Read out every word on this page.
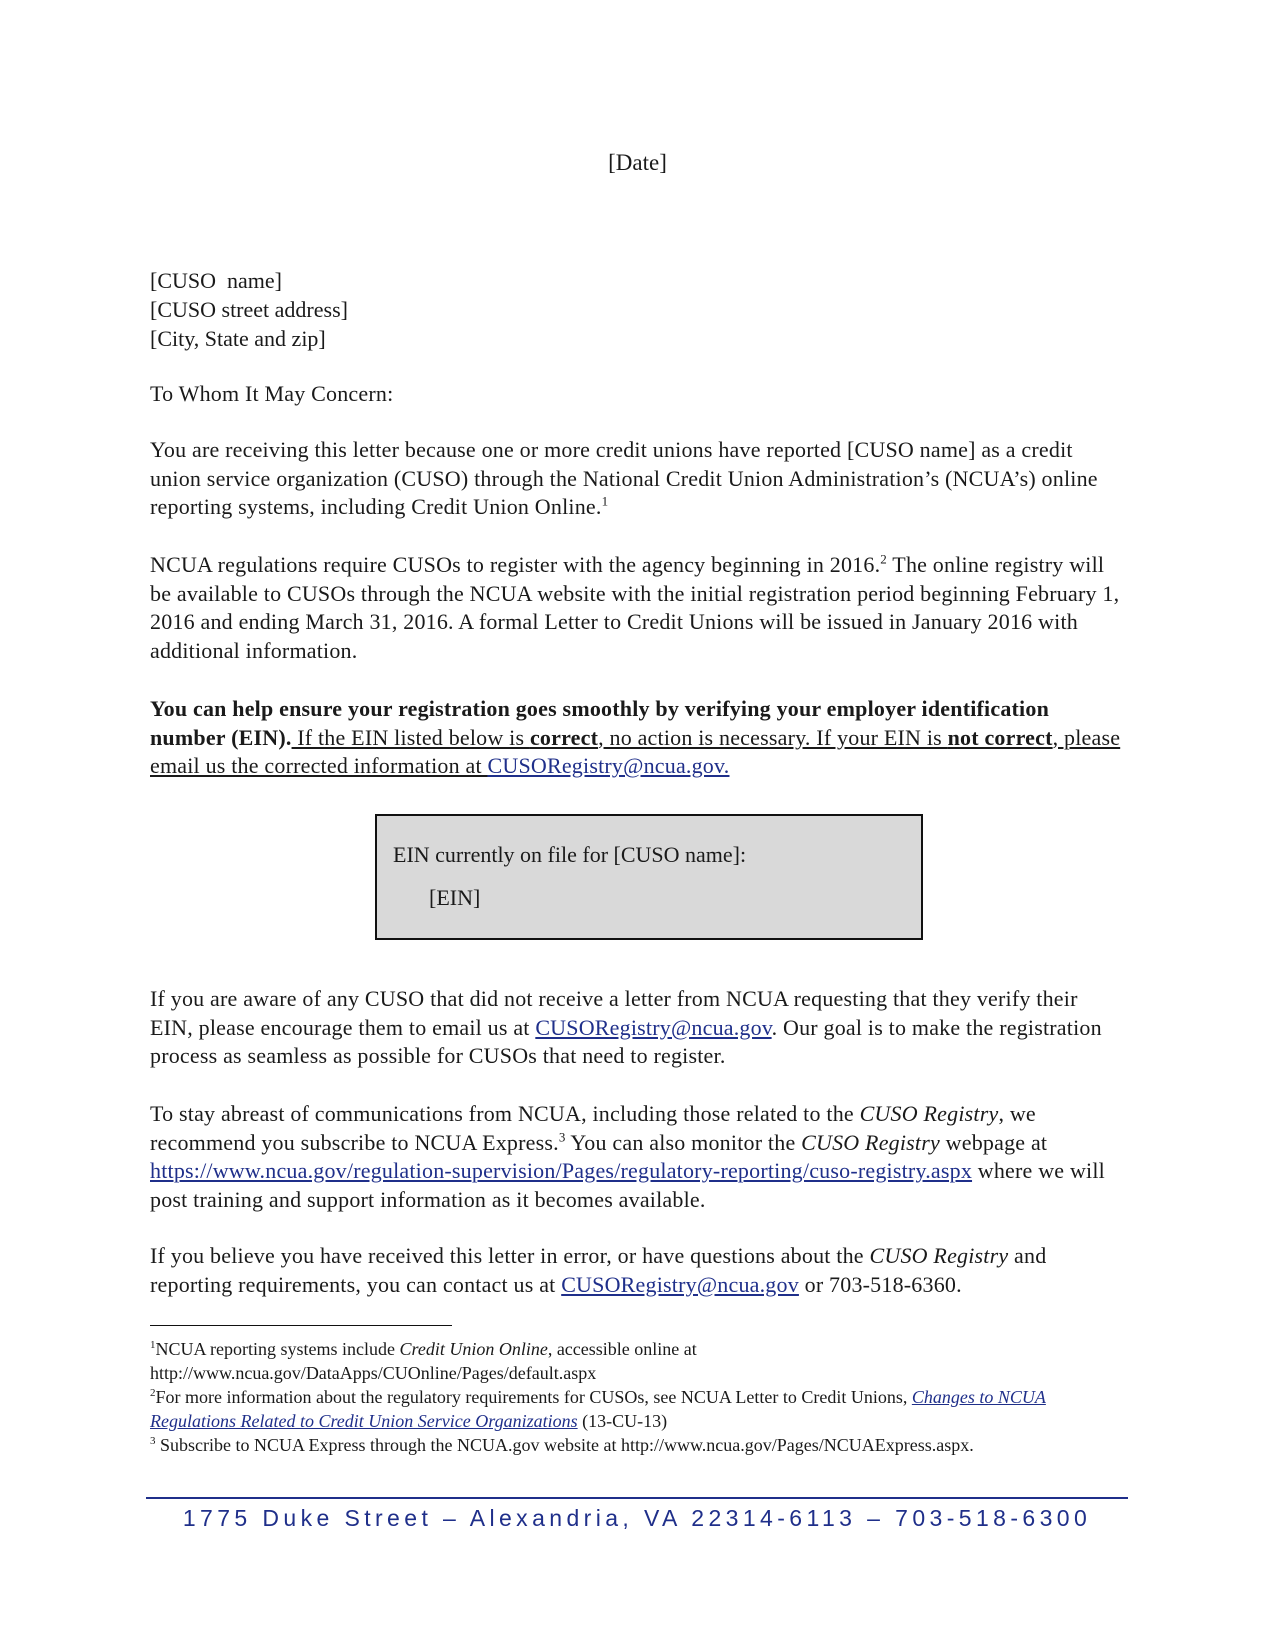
[Date]
[CUSO  name]
[CUSO street address]
[City, State and zip]
To Whom It May Concern:
You are receiving this letter because one or more credit unions have reported [CUSO name] as a credit union service organization (CUSO) through the National Credit Union Administration’s (NCUA’s) online reporting systems, including Credit Union Online.$^1$
NCUA regulations require CUSOs to register with the agency beginning in 2016.$^2$ The online registry will be available to CUSOs through the NCUA website with the initial registration period beginning February 1, 2016 and ending March 31, 2016. A formal Letter to Credit Unions will be issued in January 2016 with additional information.
You can help ensure your registration goes smoothly by verifying your employer identification number (EIN). If the EIN listed below is correct, no action is necessary. If your EIN is not correct, please email us the corrected information at CUSORegistry@ncua.gov.
EIN currently on file for [CUSO name]:
[EIN]
If you are aware of any CUSO that did not receive a letter from NCUA requesting that they verify their EIN, please encourage them to email us at CUSORegistry@ncua.gov. Our goal is to make the registration process as seamless as possible for CUSOs that need to register.
To stay abreast of communications from NCUA, including those related to the CUSO Registry, we recommend you subscribe to NCUA Express.$^3$ You can also monitor the CUSO Registry webpage at https://www.ncua.gov/regulation-supervision/Pages/regulatory-reporting/cuso-registry.aspx where we will post training and support information as it becomes available.
If you believe you have received this letter in error, or have questions about the CUSO Registry and reporting requirements, you can contact us at CUSORegistry@ncua.gov or 703-518-6360.
$^1$NCUA reporting systems include Credit Union Online, accessible online at http://www.ncua.gov/DataApps/CUOnline/Pages/default.aspx
$^2$For more information about the regulatory requirements for CUSOs, see NCUA Letter to Credit Unions, Changes to NCUA Regulations Related to Credit Union Service Organizations (13-CU-13)
$^3$ Subscribe to NCUA Express through the NCUA.gov website at http://www.ncua.gov/Pages/NCUAExpress.aspx.
1775 Duke Street – Alexandria, VA 22314-6113 – 703-518-6300
